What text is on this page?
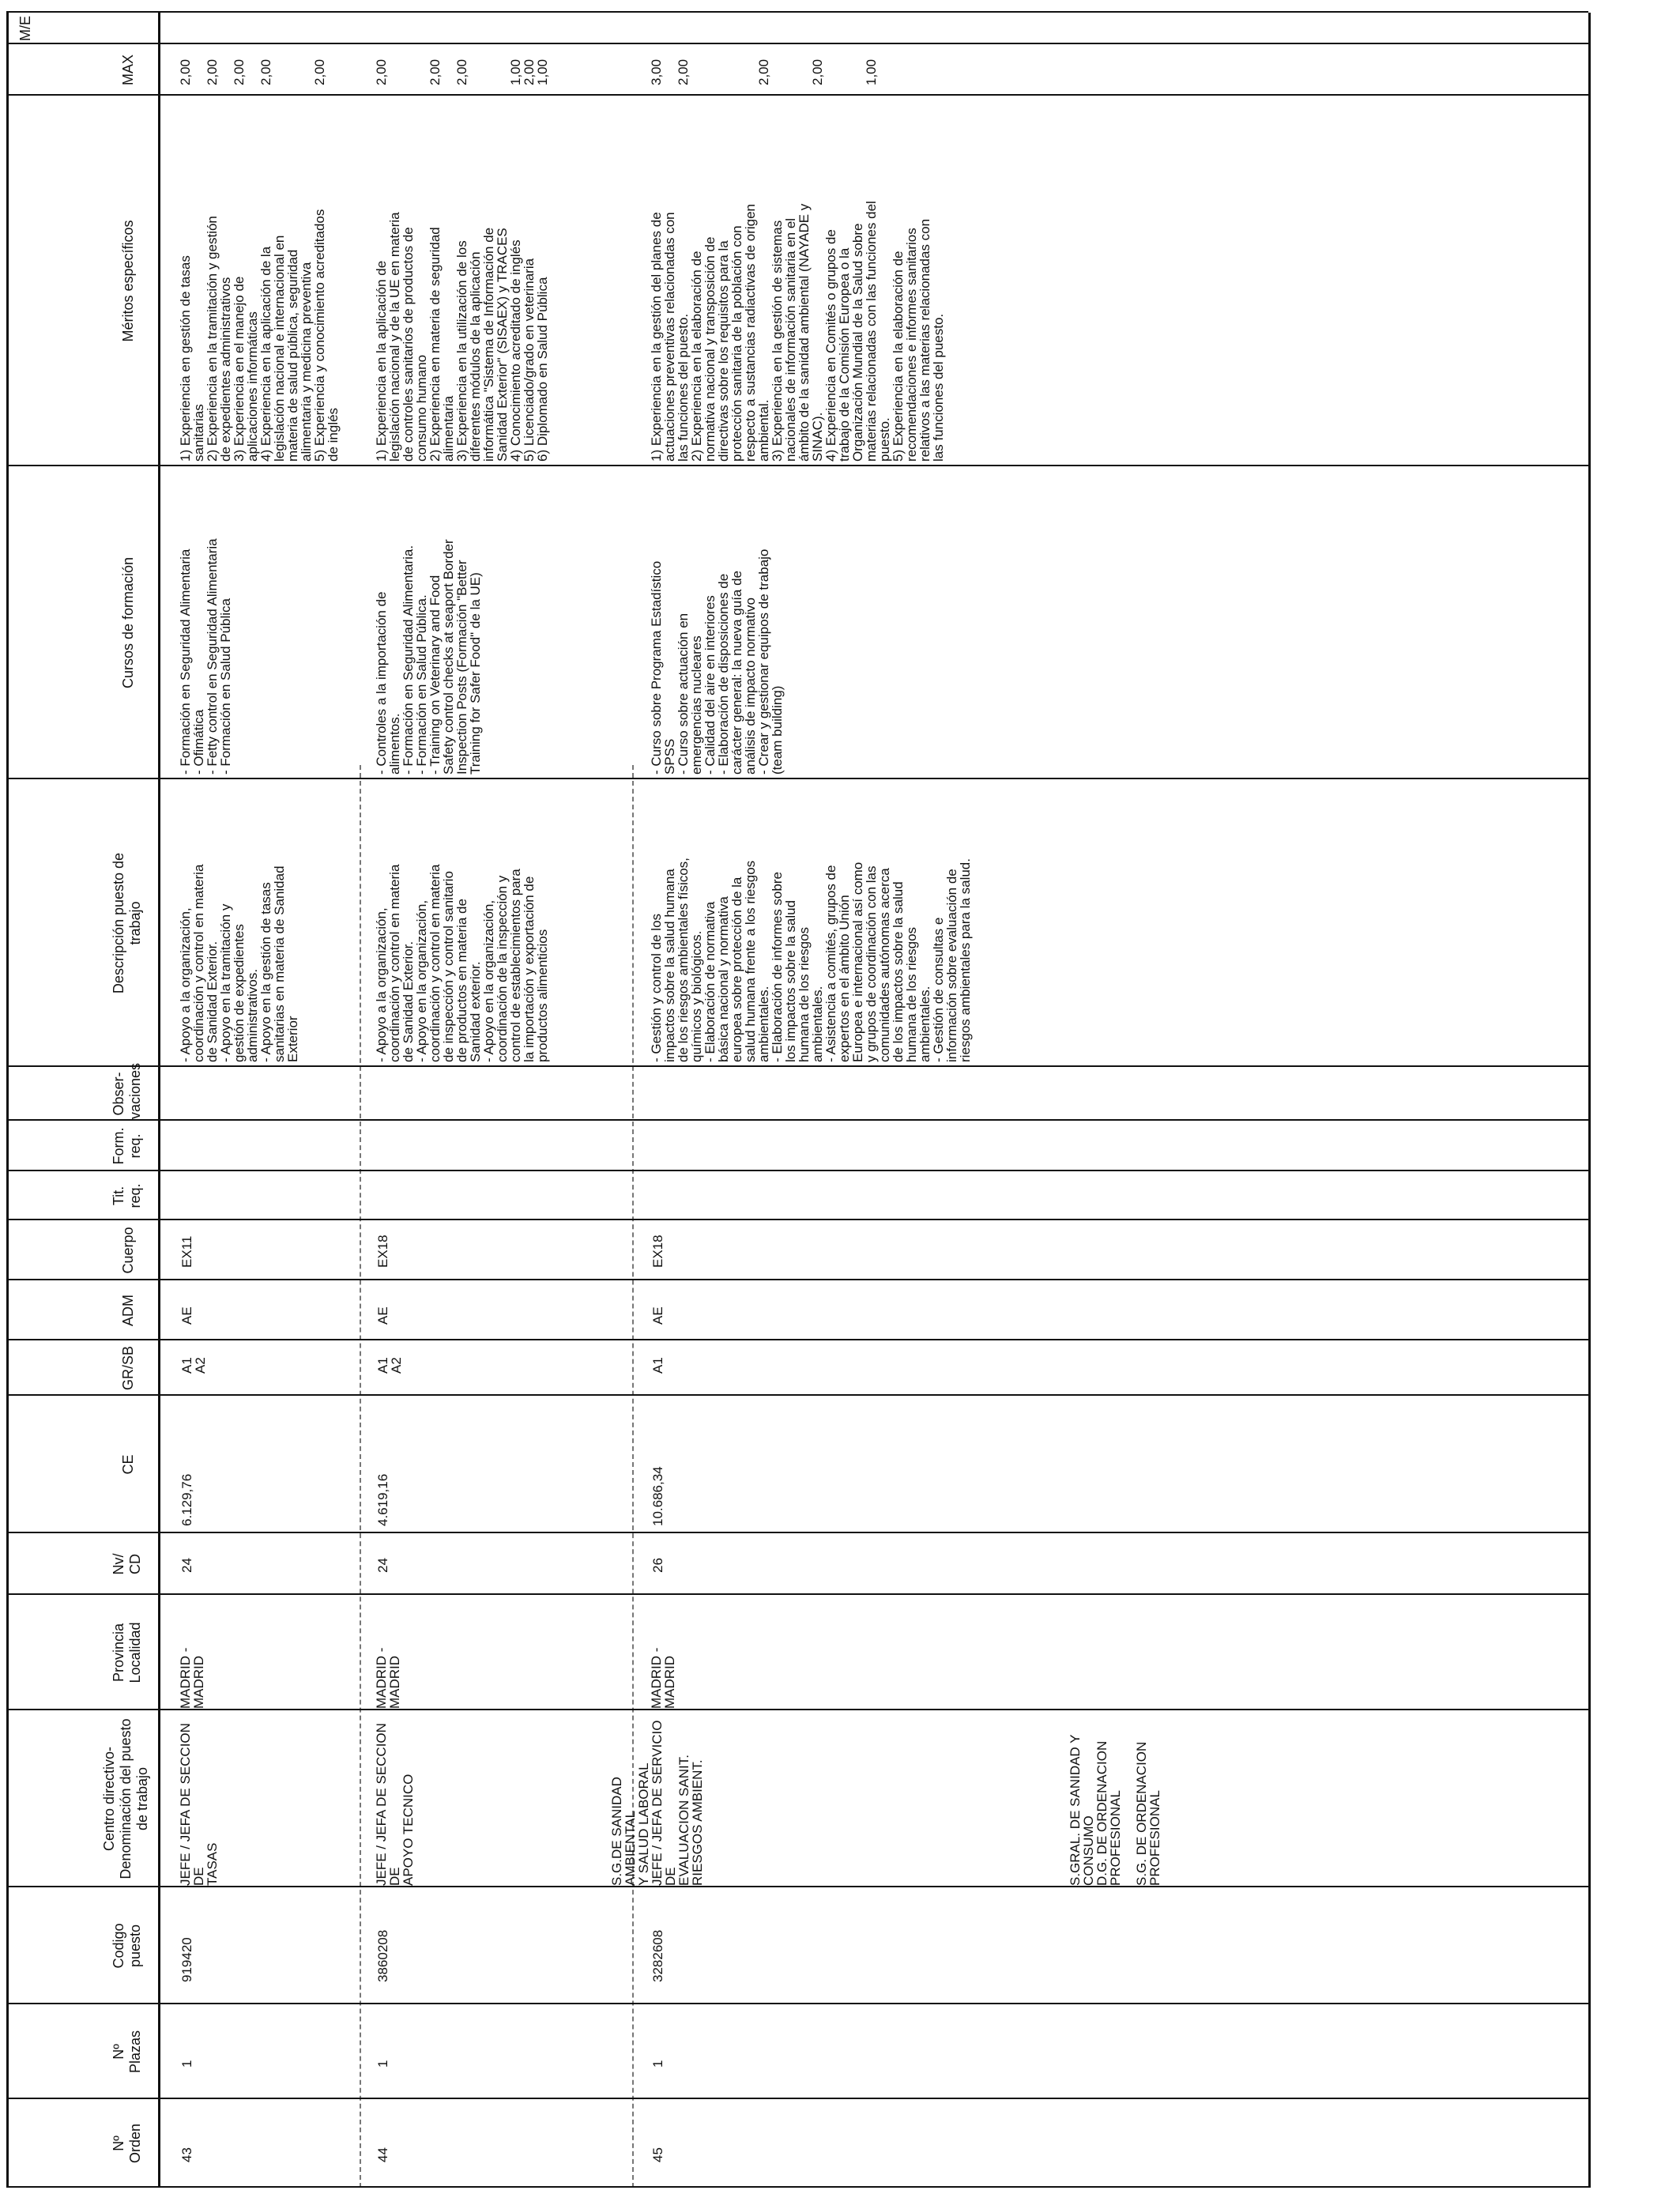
Nº
Orden
Nº
Plazas
Codigo
puesto
Centro directivo-
Denominación del puesto
de trabajo
Provincia
Localidad
Nv/
CD
CE
GR/SB
ADM
Cuerpo
Tit.
req.
Form.
req.
Obser-
vaciones
Descripción puesto de
trabajo
Cursos de formación
Méritos específicos
MAX
M/E
43
1
919420
JEFE / JEFA DE SECCION DE
TASAS
MADRID -
MADRID
24
6.129,76
A1
A2
AE
EX11
- Apoyo a la organización,
coordinación y control en materia
de Sanidad Exterior.
- Apoyo en la tramitación y
gestión de expedientes
administrativos.
- Apoyo en la gestión de tasas
sanitarias en materia de Sanidad
Exterior
- Formación en Seguridad Alimentaria
- Ofimática
- Fetty control en Seguridad Alimentaria
- Formación en Salud Pública
1) Experiencia en gestión de tasas
sanitarias
2) Experiencia en la tramitación y gestión
de expedientes administrativos
3) Experiencia en el manejo de
aplicaciones informáticas
4) Experiencia en la aplicación de la
legislación nacional e internacional en
materia de salud pública, seguridad
alimentaria y medicina preventiva
5) Experiencia y conocimiento acreditados
de inglés
2,00

2,00

2,00

2,00

2,00
44
1
3860208
JEFE / JEFA DE SECCION DE
APOYO TECNICO
MADRID -
MADRID
24
4.619,16
A1
A2
AE
EX18
- Apoyo a la organización,
coordinación y control en materia
de Sanidad Exterior.
- Apoyo en la organización,
coordinación y control en materia
de inspección y control sanitario
de productos en materia de
Sanidad exterior.
- Apoyo en la organización,
coordinación de la inspección y
control de establecimientos para
la importación y exportación de
productos alimenticios
- Controles a la importación de
alimentos.
- Formación en Seguridad Alimentaria.
- Formación en Salud Pública.
- Training on Veterinary and Food
Safety control checks at seaport Border
Inspection Posts (Formación "Better
Training for Safer Food" de la UE)
1) Experiencia en la aplicación de
legislación nacional y de la UE en materia
de controles sanitarios de productos de
consumo humano
2) Experiencia en materia de seguridad
alimentaria
3) Experiencia en la utilización de los
diferentes módulos de la aplicación
informática "Sistema de Información de
Sanidad Exterior" (SISAEX) y TRACES
4) Conocimiento acreditado de inglés
5) Licenciado/grado en veterinaria
6) Diplomado en Salud Pública
2,00

2,00

2,00

1,00
2,00
1,00
45
1
3282608
S.G.DE SANIDAD AMBIENTAL
Y SALUD LABORAL
JEFE / JEFA DE SERVICIO DE
EVALUACION SANIT.
RIESGOS AMBIENT.
MADRID -
MADRID
26
10.686,34
A1
AE
EX18
- Gestión y control de los
impactos sobre la salud humana
de los riesgos ambientales físicos,
químicos y biológicos.
- Elaboración de normativa
básica nacional y normativa
europea sobre protección de la
salud humana frente a los riesgos
ambientales.
- Elaboración de informes sobre
los impactos sobre la salud
humana de los riesgos
ambientales.
- Asistencia a comités, grupos de
expertos en el ámbito Unión
Europea e internacional así como
y grupos de coordinación con las
comunidades autónomas acerca
de los impactos sobre la salud
humana de los riesgos
ambientales.
- Gestión de consultas e
información sobre evaluación de
riesgos ambientales para la salud.
- Curso sobre Programa Estadístico
SPSS
- Curso sobre actuación en
emergencias nucleares
- Calidad del aire en interiores
- Elaboración de disposiciones de
carácter general: la nueva guía de
análisis de impacto normativo
- Crear y gestionar equipos de trabajo
(team building)
1) Experiencia en la gestión del planes de
actuaciones preventivas relacionadas con
las funciones del puesto.
2) Experiencia en la elaboración de
normativa nacional y transposición de
directivas sobre los requisitos para la
protección sanitaria de la población con
respecto a sustancias radiactivas de origen
ambiental.
3) Experiencia en la gestión de sistemas
nacionales de información sanitaria en el
ámbito de la sanidad ambiental (NAYADE y
SINAC).
4) Experiencia en Comités o grupos de
trabajo de la Comisión Europea o la
Organización Mundial de la Salud sobre
materias relacionadas con las funciones del
puesto.
5) Experiencia en la elaboración de
recomendaciones e informes sanitarios
relativos a las materias relacionadas con
las funciones del puesto.
3,00

2,00

2,00

2,00

1,00
S.GRAL. DE SANIDAD Y
CONSUMO
D.G. DE ORDENACION
PROFESIONAL S.G. DE ORDENACION
PROFESIONAL
